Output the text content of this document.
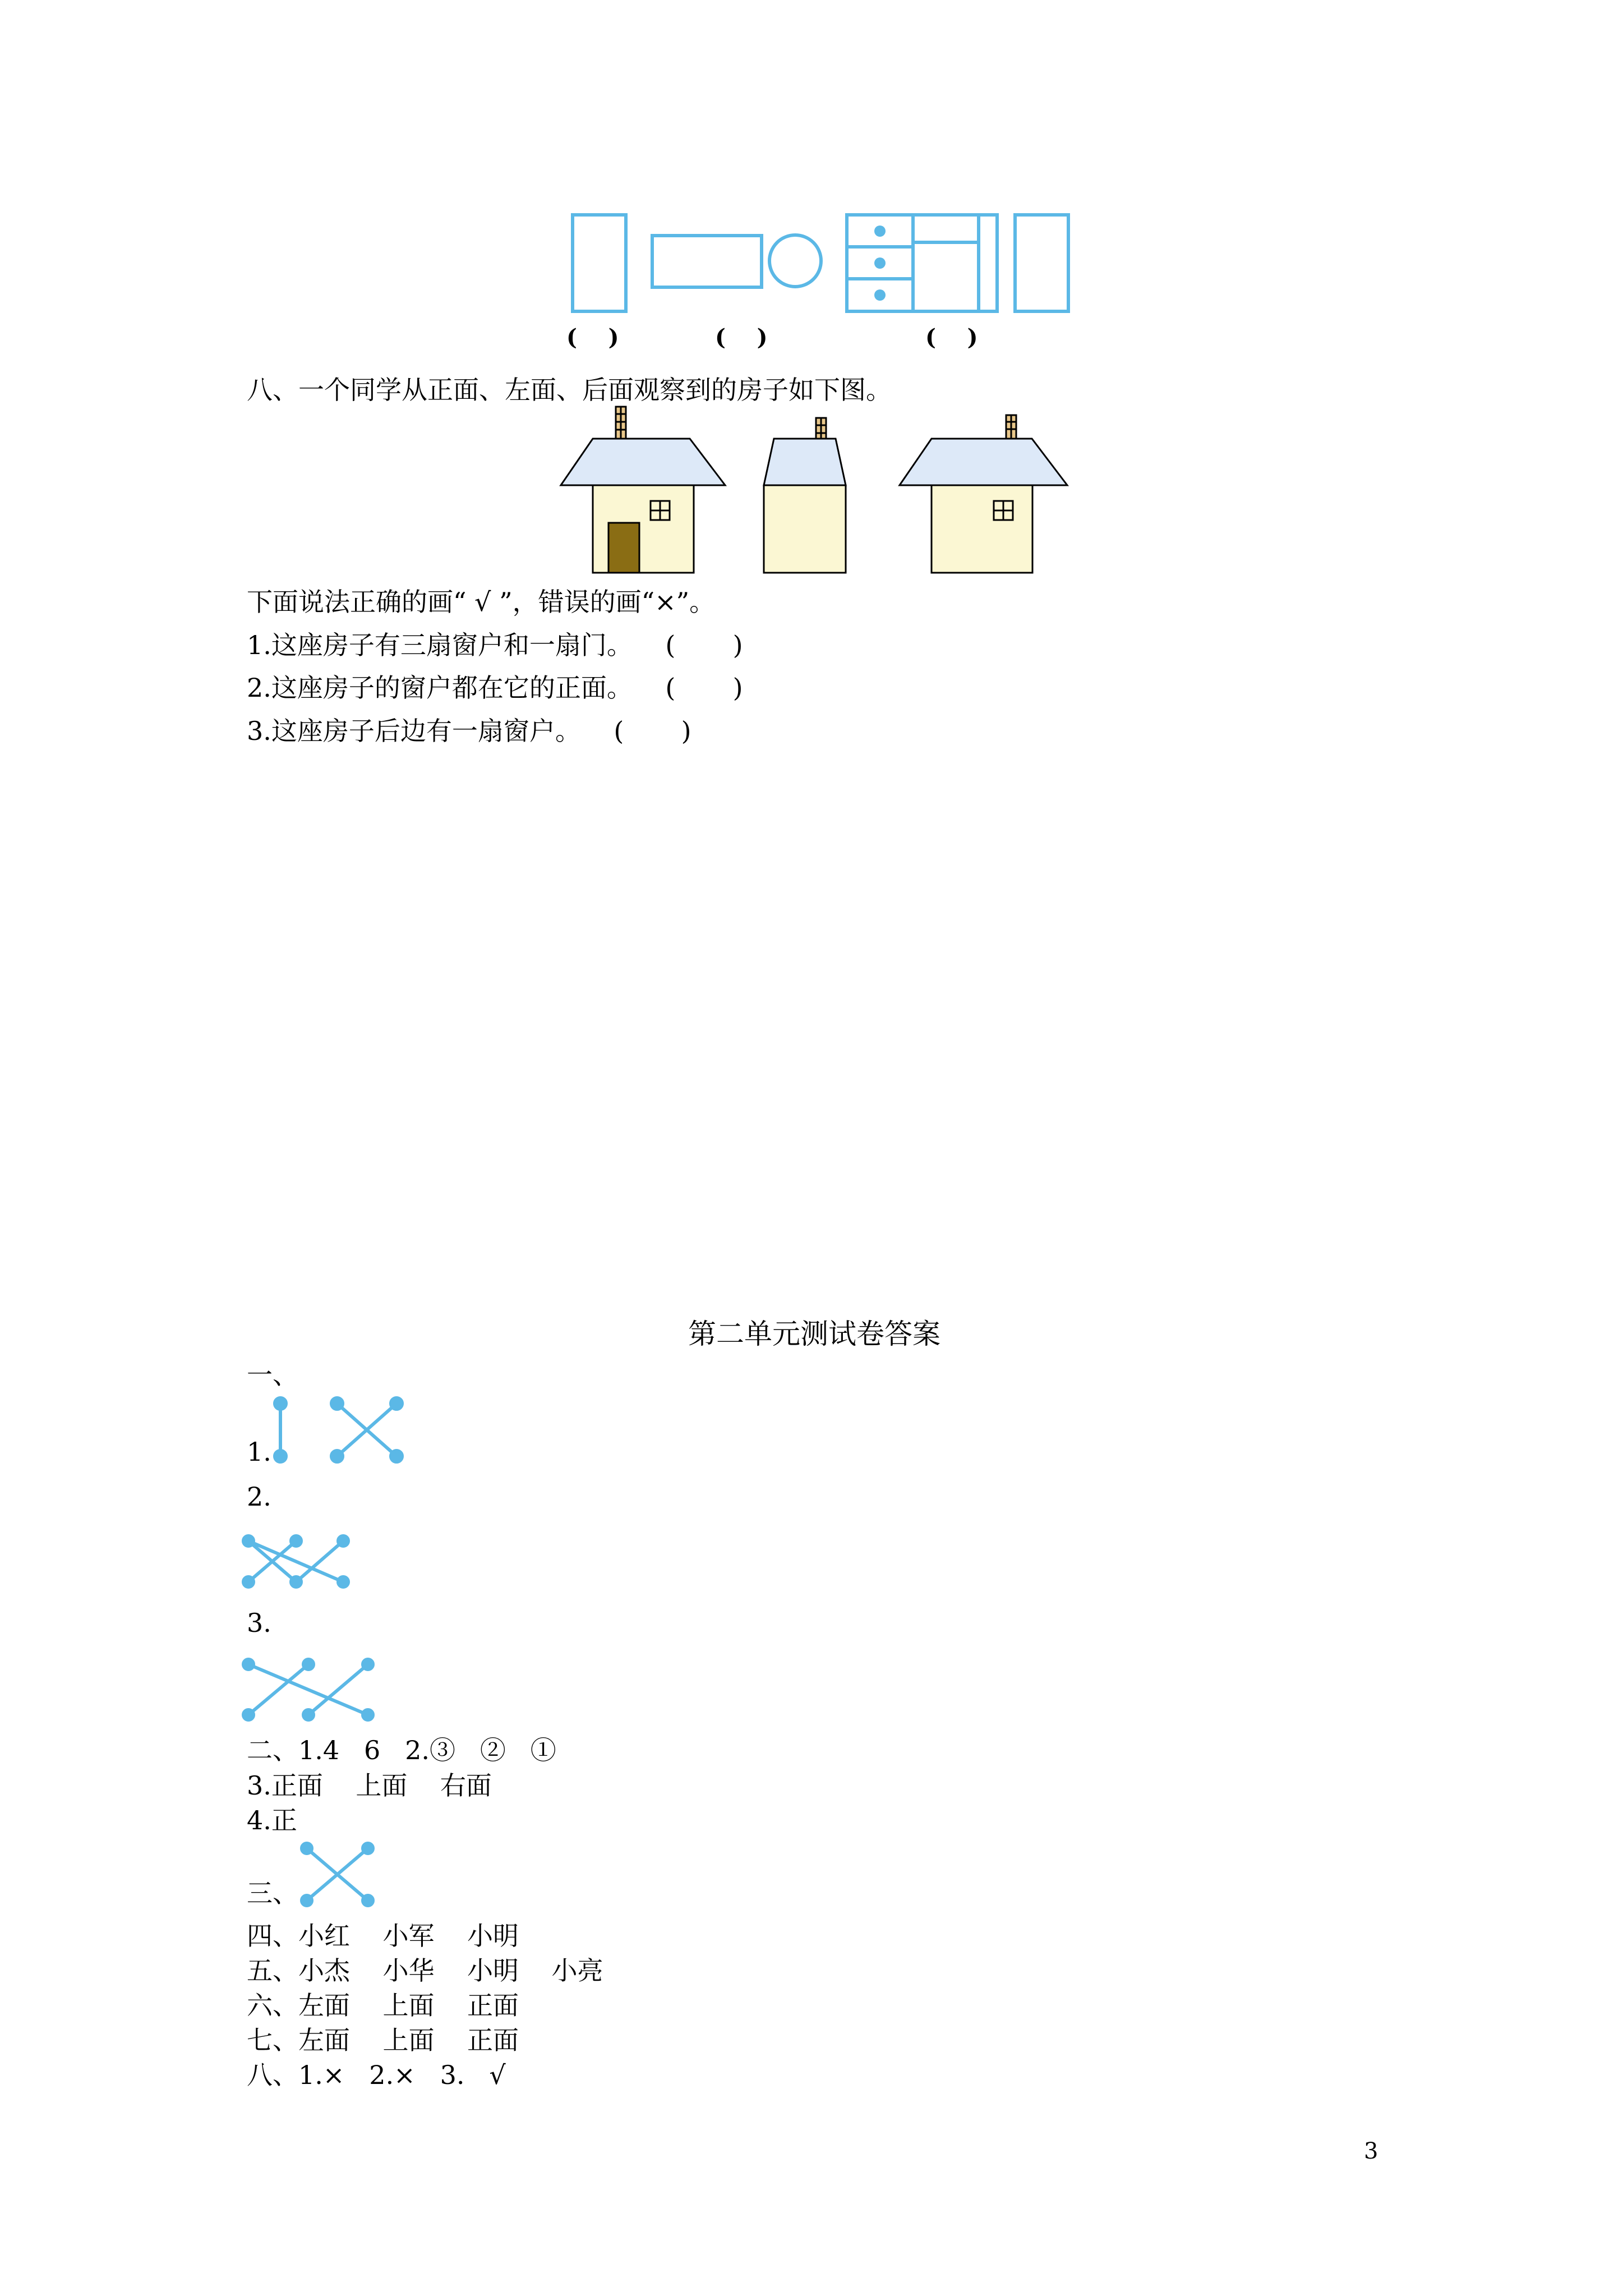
(    )	(    )	(    )
八、一个同学从正面、左面、后面观察到的房子如下图。
下面说法正确的画“ √ ”，错误的画“×”。
1.这座房子有三扇窗户和一扇门。    (       )
2.这座房子的窗户都在它的正面。    (       )
3.这座房子后边有一扇窗户。    (       )
第二单元测试卷答案
一、
1.
2.
3.
二、1.4   6   2.③   ②   ①
3.正面    上面    右面
4.正
三、
四、小红    小军    小明
五、小杰    小华    小明    小亮
六、左面    上面    正面
七、左面    上面    正面
八、1.×   2.×   3.   √
3
